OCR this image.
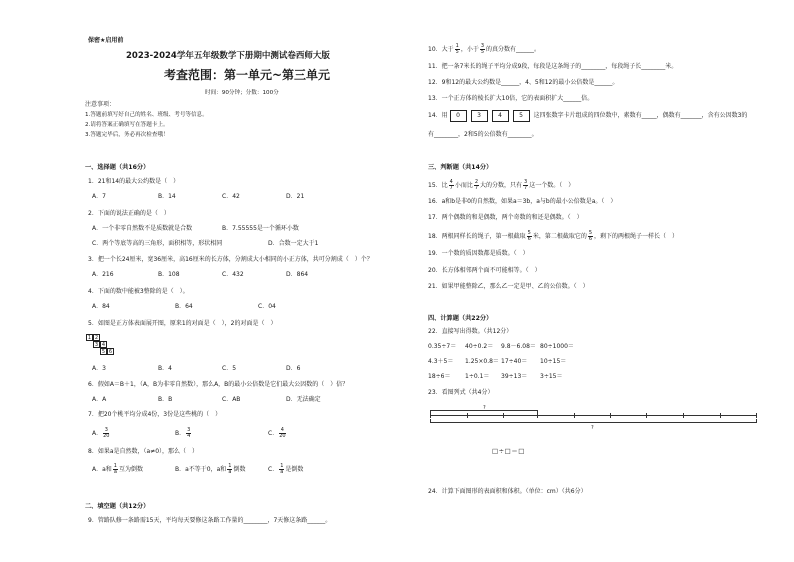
保密★启用前
2023-2024学年五年级数学下册期中测试卷西师大版
考查范围：第一单元~第三单元
时间：90分钟；分数：100分
注意事项：
1.答题前填写好自己的姓名、班级、考号等信息。
2.请将答案正确填写在答题卡上。
3.答题完毕后，务必再次检查哦！
一、选择题（共16分）
1．21和14的最大公约数是（　）
A．7	B．14	C．42	D．21
2．下面的说法正确的是（　）
A．一个非零自然数不是质数就是合数	B．7.55555是一个循环小数
C．两个等底等高的三角形，面积相等，形状相同	D．合数一定大于1
3．把一个长24厘米，宽36厘米，高16厘米的长方体，分割成大小相同的小正方体，共可分割成（　）个？
A．216	B．108	C．432	D．864
4．下面的数中能被3整除的是（　）。
A．84	B．64	C．04
5．如图是正方体表面展开图，原来1的对面是（　），2的对面是（　）
1 2
3 4
5 6
A．3	B．4	C．5	D．6
6．假如A＝B＋1，（A，B为非零自然数），那么A，B的最小公倍数是它们最大公因数的（　）倍？
A．A	B．B	C．AB	D．无法确定
7．把20个桃平均分成4份，3份是这些桃的（　）
A． $\frac{3}{20}$	B． $\frac{3}{4}$	C． $\frac{4}{20}$
8．如果a是自然数，（a≠0），那么（　）
A．a和 $\frac{1}{a}$ 互为倒数	B．a不等于0，a和 $\frac{1}{a}$ 倒数	C． $\frac{1}{a}$ 是倒数
二、填空题（共12分）
9．管路队修一条路需15天，平均每天要修这条路工作量的________，7天修这条路______。
10．大于 $\frac{1}{5}$ ，小于 $\frac{3}{5}$ 的真分数有______。
11．把一条7米长的绳子平均分成9段，每段是这条绳子的________，每段绳子长________米。
12．9和12的最大公约数是______，4、5和12的最小公倍数是______。
13．一个正方体的棱长扩大10倍，它的表面积扩大______倍。
14．用 0	3	4	5 这四张数字卡片组成的四位数中，素数有_____，偶数有_______，含有公因数3的
有________，2和5的公倍数有________。
三、判断题（共14分）
15．比 $\frac{4}{7}$ 小而比 $\frac{2}{7}$ 大的分数，只有 $\frac{3}{7}$ 这一个数。（　）
16．a和b是非0的自然数，如果a＝3b，a与b的最小公倍数是a。（　）
17．两个偶数的和是偶数，两个奇数的和还是偶数。（　）
18．两根同样长的绳子，第一根截取 $\frac{5}{6}$ 米，第二根截取它的 $\frac{5}{6}$ ，剩下的两根绳子一样长（　）
19．一个数的质因数都是质数。（　）
20．长方体相邻两个面不可能相等。（　）
21．如果甲能整除乙，那么乙一定是甲、乙的公倍数。（　）
四、计算题（共22分）
22．直接写出得数。（共12分）
0.35÷7＝ 40÷0.2＝ 9.8－6.08＝ 80÷1000＝
4.3＋5＝ 1.25×0.8＝ 17÷40＝ 10÷15＝
18÷6＝ 1÷0.1＝ 39÷13＝ 3÷15＝
23．看图列式（共4分）
?
?
□÷□＝□
24．计算下面图形的表面积和体积。（单位：cm）（共6分）
